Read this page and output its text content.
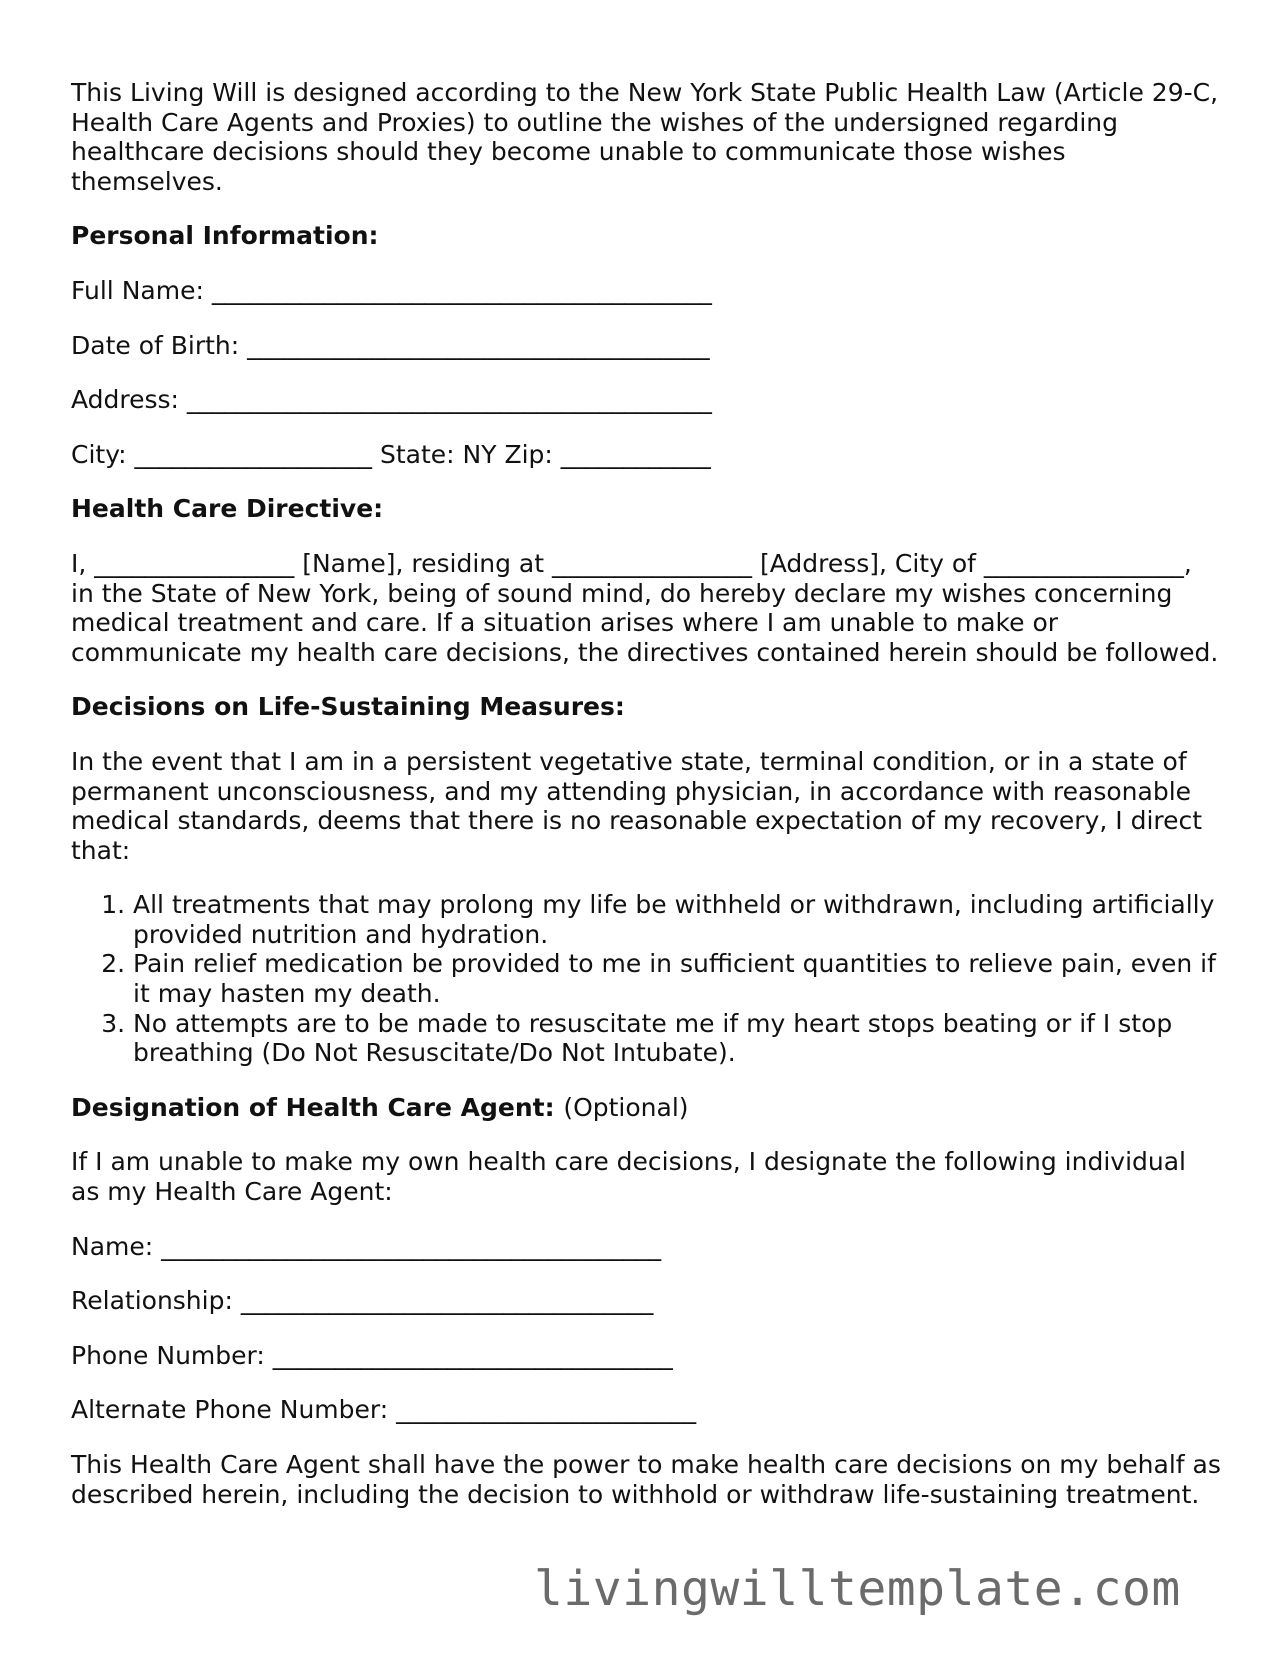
This Living Will is designed according to the New York State Public Health Law (Article 29-C, Health Care Agents and Proxies) to outline the wishes of the undersigned regarding healthcare decisions should they become unable to communicate those wishes themselves.

Personal Information:
Full Name: ________________________________________
Date of Birth: _____________________________________
Address: __________________________________________
City: ___________________ State: NY Zip: ____________
Health Care Directive:

I, ________________ [Name], residing at ________________ [Address], City of ________________, in the State of New York, being of sound mind, do hereby declare my wishes concerning medical treatment and care. If a situation arises where I am unable to make or communicate my health care decisions, the directives contained herein should be followed.

Decisions on Life-Sustaining Measures:

In the event that I am in a persistent vegetative state, terminal condition, or in a state of permanent unconsciousness, and my attending physician, in accordance with reasonable medical standards, deems that there is no reasonable expectation of my recovery, I direct that:

1. All treatments that may prolong my life be withheld or withdrawn, including artificially provided nutrition and hydration.
2. Pain relief medication be provided to me in sufficient quantities to relieve pain, even if it may hasten my death.
3. No attempts are to be made to resuscitate me if my heart stops beating or if I stop breathing (Do Not Resuscitate/Do Not Intubate).
Designation of Health Care Agent: (Optional)

If I am unable to make my own health care decisions, I designate the following individual as my Health Care Agent:

Name: ________________________________________
Relationship: _________________________________
Phone Number: ________________________________
Alternate Phone Number: ________________________

This Health Care Agent shall have the power to make health care decisions on my behalf as described herein, including the decision to withhold or withdraw life-sustaining treatment.

livingwilltemplate.com
